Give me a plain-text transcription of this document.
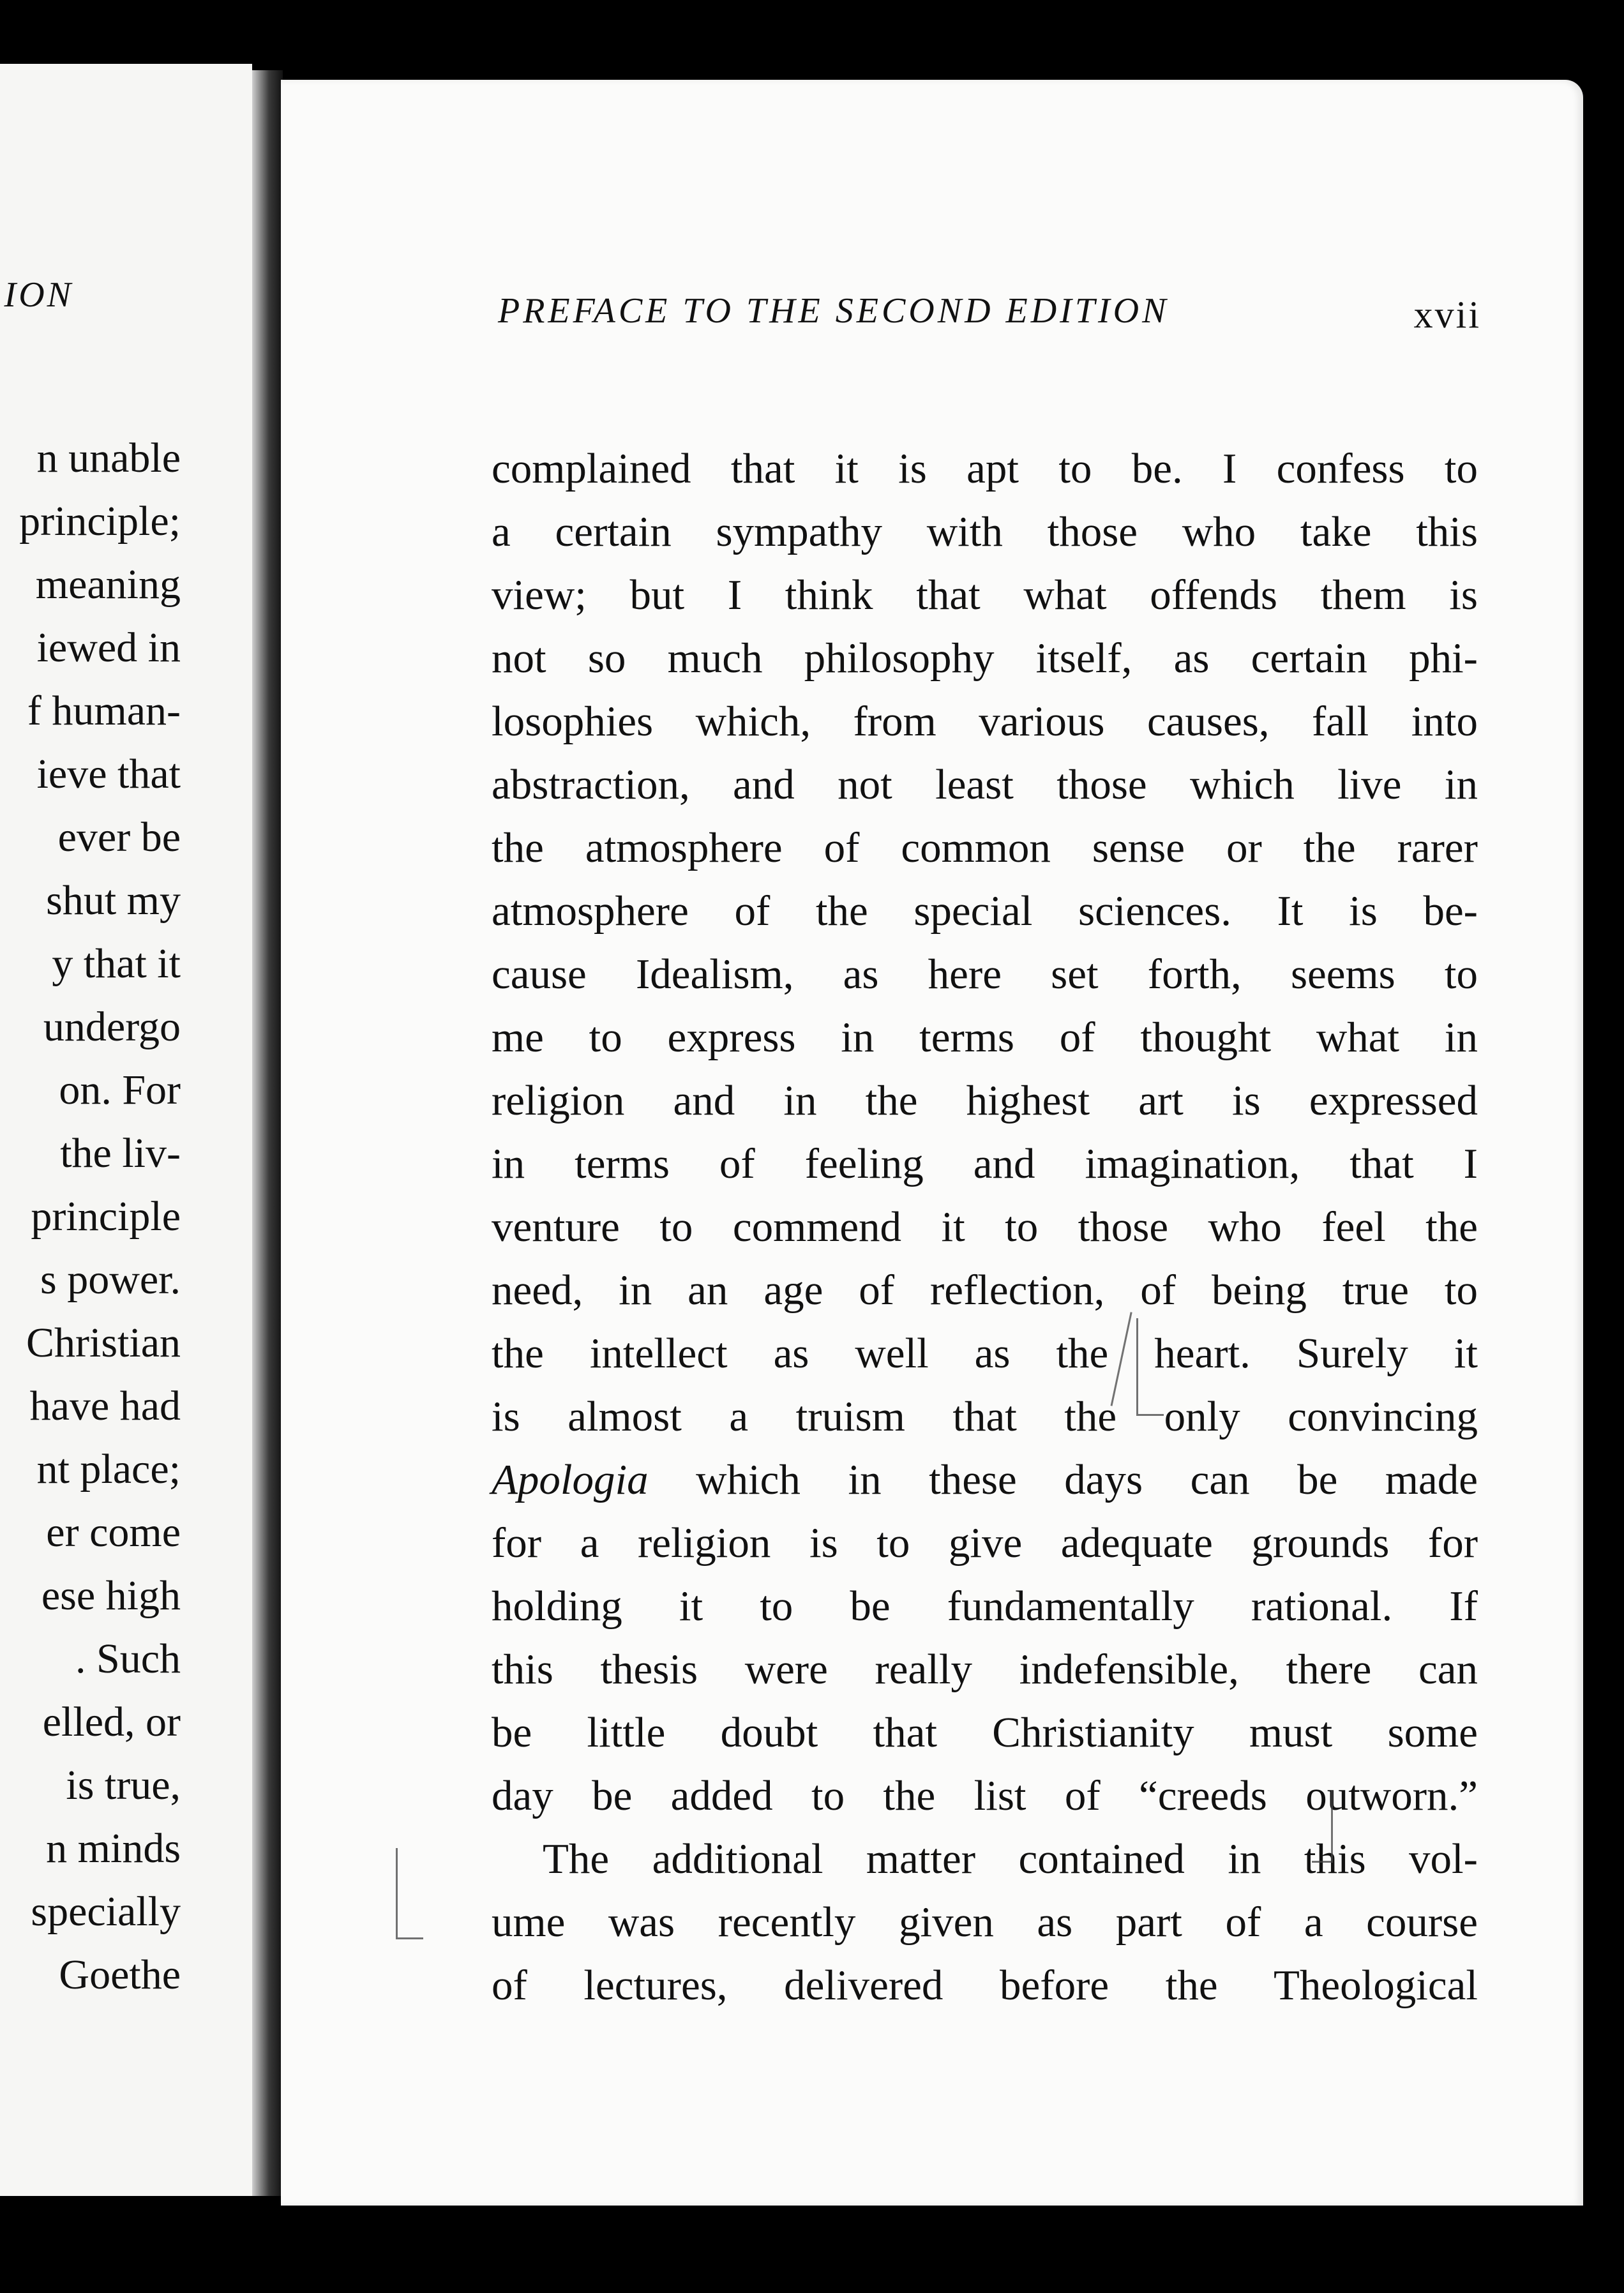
ION
n unable
principle;
meaning
iewed in
f human-
ieve that
ever be
shut my
y that it
undergo
on. For
the liv-
principle
s power.
Christian
have had
nt place;
er come
ese high
. Such
elled, or
is true,
n minds
specially
Goethe
PREFACE TO THE SECOND EDITION	xvii
complained that it is apt to be. I confess to
a certain sympathy with those who take this
view; but I think that what offends them is
not so much philosophy itself, as certain phi-
losophies which, from various causes, fall into
abstraction, and not least those which live in
the atmosphere of common sense or the rarer
atmosphere of the special sciences. It is be-
cause Idealism, as here set forth, seems to
me to express in terms of thought what in
religion and in the highest art is expressed
in terms of feeling and imagination, that I
venture to commend it to those who feel the
need, in an age of reflection, of being true to
the intellect as well as the heart. Surely it
is almost a truism that the only convincing
Apologia which in these days can be made
for a religion is to give adequate grounds for
holding it to be fundamentally rational. If
this thesis were really indefensible, there can
be little doubt that Christianity must some
day be added to the list of “creeds outworn.”
The additional matter contained in this vol-
ume was recently given as part of a course
of lectures, delivered before the Theological
